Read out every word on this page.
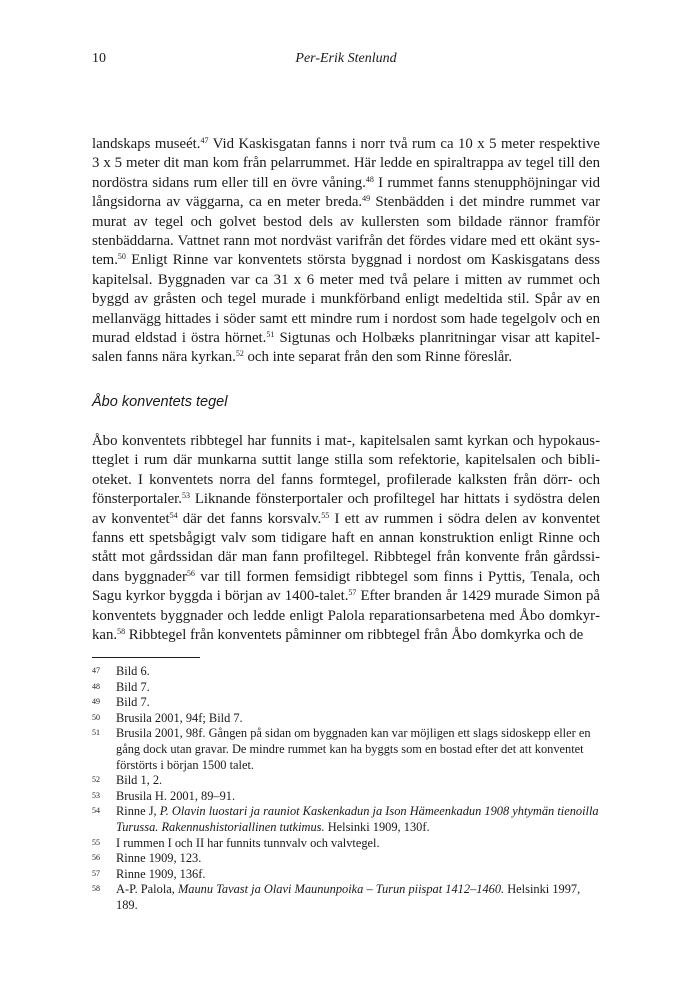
10	Per-Erik Stenlund

landskaps museét.$^{47}$ Vid Kaskisgatan fanns i norr två rum ca 10 x 5 meter respektive 3 x 5 meter dit man kom från pelarrummet. Här ledde en spiraltrappa av tegel till den nordöstra sidans rum eller till en övre våning.$^{48}$ I rummet fanns stenupphöjningar vid långsidorna av väggarna, ca en meter breda.$^{49}$ Stenbädden i det mindre rummet var murat av tegel och golvet bestod dels av kullersten som bildade rännor framför stenbäddarna. Vattnet rann mot nordväst varifrån det fördes vidare med ett okänt system.$^{50}$ Enligt Rinne var konventets största byggnad i nordost om Kaskisgatans dess kapitelsal. Byggnaden var ca 31 x 6 meter med två pelare i mitten av rummet och byggd av gråsten och tegel murade i munkförband enligt medeltida stil. Spår av en mellanvägg hittades i söder samt ett mindre rum i nordost som hade tegelgolv och en murad eldstad i östra hörnet.$^{51}$ Sigtunas och Holbæks planritningar visar att kapitelsalen fanns nära kyrkan.$^{52}$ och inte separat från den som Rinne föreslår.

Åbo konventets tegel

Åbo konventets ribbtegel har funnits i mat-, kapitelsalen samt kyrkan och hypokaustteglet i rum där munkarna suttit lange stilla som refektorie, kapitelsalen och biblioteket. I konventets norra del fanns formtegel, profilerade kalksten från dörr- och fönsterportaler.$^{53}$ Liknande fönsterportaler och profiltegel har hittats i sydöstra delen av konventet$^{54}$ där det fanns korsvalv.$^{55}$ I ett av rummen i södra delen av konventet fanns ett spetsbågigt valv som tidigare haft en annan konstruktion enligt Rinne och stått mot gårdssidan där man fann profiltegel. Ribbtegel från konvente från gårdssidans byggnader$^{56}$ var till formen femsidigt ribbtegel som finns i Pyttis, Tenala, och Sagu kyrkor byggda i början av 1400-talet.$^{57}$ Efter branden år 1429 murade Simon på konventets byggnader och ledde enligt Palola reparationsarbetena med Åbo domkyrkan.$^{58}$ Ribbtegel från konventets påminner om ribbtegel från Åbo domkyrka och de

47	Bild 6.
48	Bild 7.
49	Bild 7.
50	Brusila 2001, 94f; Bild 7.
51	Brusila 2001, 98f. Gången på sidan om byggnaden kan var möjligen ett slags sidoskepp eller en gång dock utan gravar. De mindre rummet kan ha byggts som en bostad efter det att konventet förstörts i början 1500 talet.
52	Bild 1, 2.
53	Brusila H. 2001, 89–91.
54	Rinne J, P. Olavin luostari ja rauniot Kaskenkadun ja Ison Hämeenkadun 1908 yhtymän tienoilla Turussa. Rakennushistoriallinen tutkimus. Helsinki 1909, 130f.
55	I rummen I och II har funnits tunnvalv och valvtegel.
56	Rinne 1909, 123.
57	Rinne 1909, 136f.
58	A-P. Palola, Maunu Tavast ja Olavi Maununpoika – Turun piispat 1412–1460. Helsinki 1997, 189.
